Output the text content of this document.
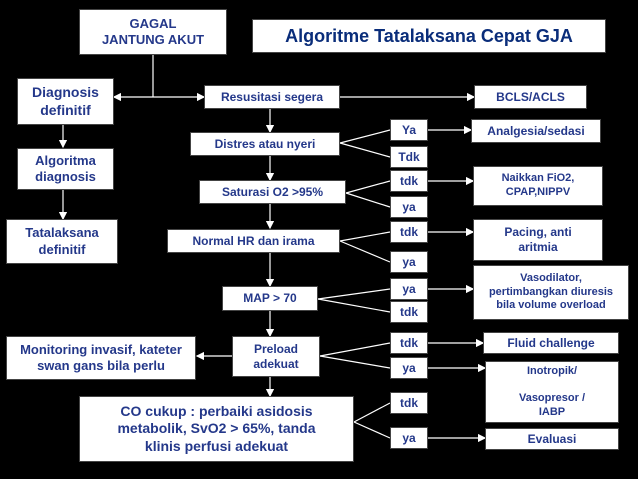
GAGAL
JANTUNG AKUT	Algoritme Tatalaksana Cepat GJA
Diagnosis
definitif
Algoritma
diagnosis
Tatalaksana
definitif
Monitoring invasif, kateter
swan gans bila perlu
Resusitasi segera
Distres atau nyeri
Saturasi O2 >95%
Normal HR dan irama
MAP > 70
Preload
adekuat
CO cukup : perbaiki asidosis
metabolik, SvO2 > 65%, tanda
klinis perfusi adekuat
Ya
Tdk
tdk
ya
tdk
ya
ya
tdk
tdk
ya
tdk
ya
BCLS/ACLS
Analgesia/sedasi
Naikkan FiO2,
CPAP,NIPPV
Pacing, anti
aritmia
Vasodilator,
pertimbangkan diuresis
bila volume overload
Fluid challenge
Inotropik/

Vasopresor /
IABP
Evaluasi
